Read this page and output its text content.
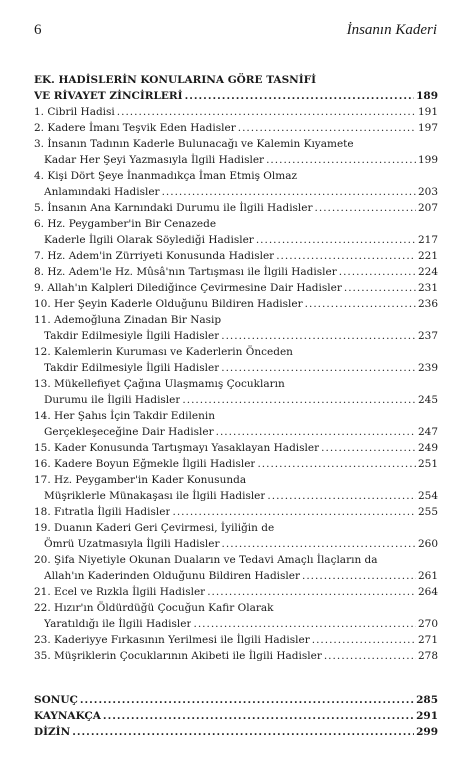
6	İnsanın Kaderi
EK. HADİSLERİN KONULARINA GÖRE TASNİFİ
VE RİVAYET ZİNCİRLERİ .....	189
1. Cibril Hadisi .....	191
2. Kadere İmanı Teşvik Eden Hadisler .....	197
3. İnsanın Tadının Kaderle Bulunacağı ve Kalemin Kıyamete
Kadar Her Şeyi Yazmasıyla İlgili Hadisler .....	199
4. Kişi Dört Şeye İnanmadıkça İman Etmiş Olmaz
Anlamındaki Hadisler .....	203
5. İnsanın Ana Karnındaki Durumu ile İlgili Hadisler .....	207
6. Hz. Peygamber'in Bir Cenazede
Kaderle İlgili Olarak Söylediği Hadisler .....	217
7. Hz. Adem'in Zürriyeti Konusunda Hadisler .....	221
8. Hz. Adem'le Hz. Mûsâ'nın Tartışması ile İlgili Hadisler .....	224
9. Allah'ın Kalpleri Dilediğince Çevirmesine Dair Hadisler .....	231
10. Her Şeyin Kaderle Olduğunu Bildiren Hadisler .....	236
11. Ademoğluna Zinadan Bir Nasip
Takdir Edilmesiyle İlgili Hadisler .....	237
12. Kalemlerin Kuruması ve Kaderlerin Önceden
Takdir Edilmesiyle İlgili Hadisler .....	239
13. Mükellefiyet Çağına Ulaşmamış Çocukların
Durumu ile İlgili Hadisler .....	245
14. Her Şahıs İçin Takdir Edilenin
Gerçekleşeceğine Dair Hadisler .....	247
15. Kader Konusunda Tartışmayı Yasaklayan Hadisler .....	249
16. Kadere Boyun Eğmekle İlgili Hadisler .....	251
17. Hz. Peygamber'in Kader Konusunda
Müşriklerle Münakaşası ile İlgili Hadisler .....	254
18. Fıtratla İlgili Hadisler .....	255
19. Duanın Kaderi Geri Çevirmesi, İyiliğin de
Ömrü Uzatmasıyla İlgili Hadisler .....	260
20. Şifa Niyetiyle Okunan Duaların ve Tedavi Amaçlı İlaçların da
Allah'ın Kaderinden Olduğunu Bildiren Hadisler .....	261
21. Ecel ve Rızkla İlgili Hadisler .....	264
22. Hızır'ın Öldürdüğü Çocuğun Kafir Olarak
Yaratıldığı ile İlgili Hadisler .....	270
23. Kaderiyye Fırkasının Yerilmesi ile İlgili Hadisler .....	271
35. Müşriklerin Çocuklarının Akibeti ile İlgili Hadisler .....	278
SONUÇ .....	285
KAYNAKÇA .....	291
DİZİN .....	299
